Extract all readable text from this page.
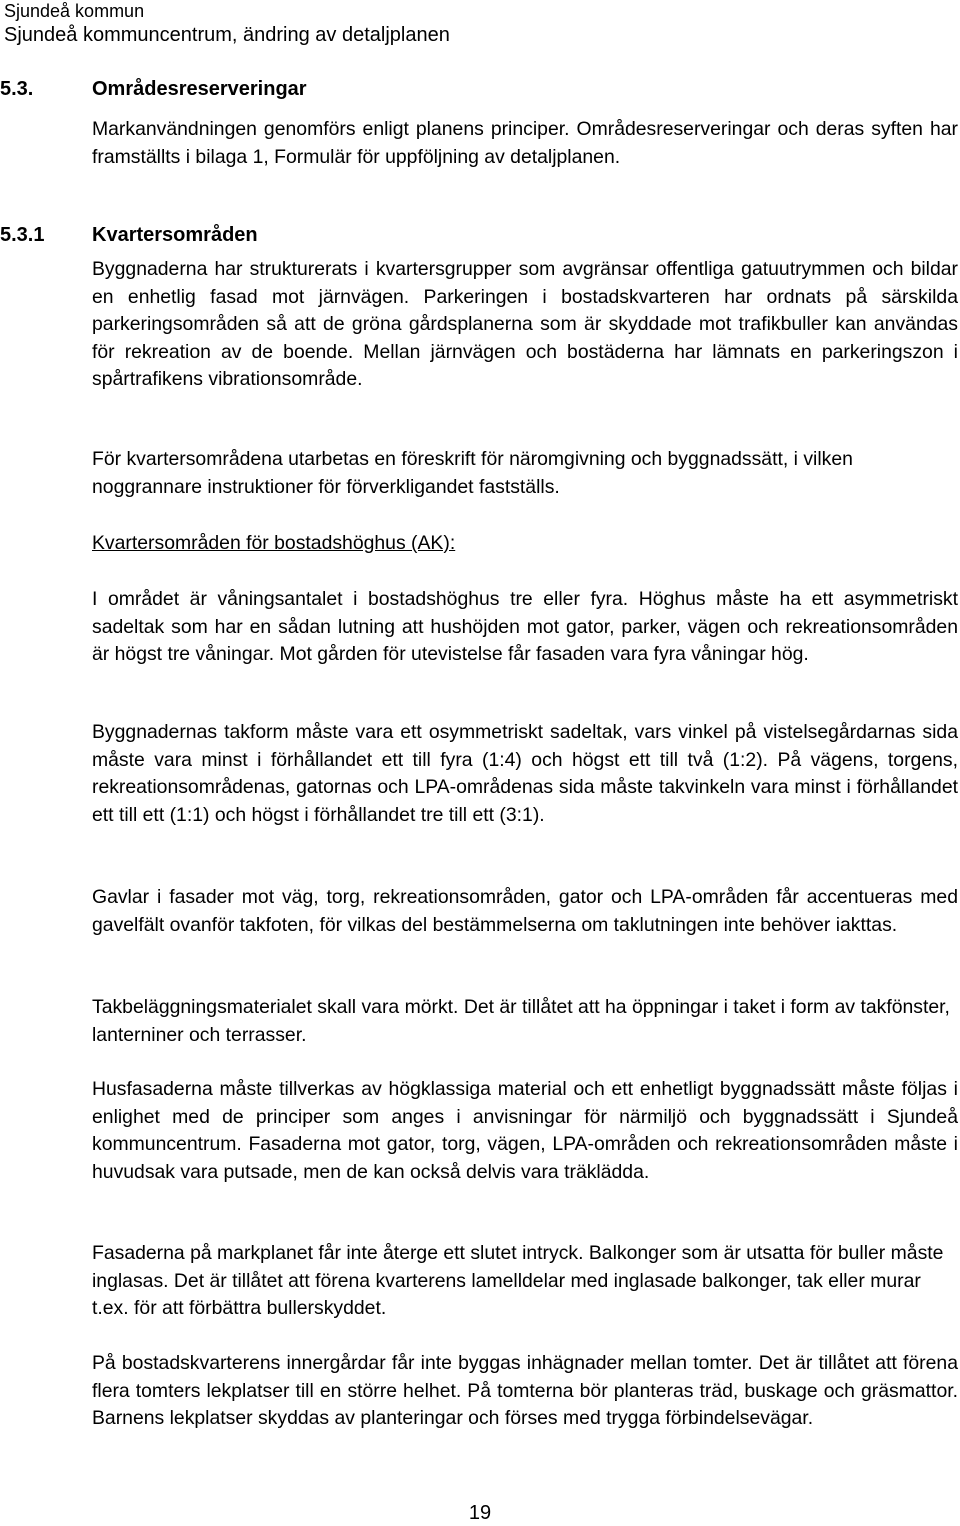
Sjundeå kommun
Sjundeå kommuncentrum, ändring av detaljplanen
5.3.	Områdesreserveringar
Markanvändningen genomförs enligt planens principer. Områdesreserveringar och deras syften har framställts i bilaga 1, Formulär för uppföljning av detaljplanen.
5.3.1 Kvartersområden
Byggnaderna har strukturerats i kvartersgrupper som avgränsar offentliga gatuutrymmen och bildar en enhetlig fasad mot järnvägen. Parkeringen i bostadskvarteren har ordnats på särskilda parkeringsområden så att de gröna gårdsplanerna som är skyddade mot trafikbuller kan användas för rekreation av de boende. Mellan järnvägen och bostäderna har lämnats en parkeringszon i spårtrafikens vibrationsområde.
För kvartersområdena utarbetas en föreskrift för näromgivning och byggnadssätt, i vilken noggrannare instruktioner för förverkligandet fastställs.
Kvartersområden för bostadshöghus (AK):
I området är våningsantalet i bostadshöghus tre eller fyra. Höghus måste ha ett asymmetriskt sadeltak som har en sådan lutning att hushöjden mot gator, parker, vägen och rekreationsområden är högst tre våningar. Mot gården för utevistelse får fasaden vara fyra våningar hög.
Byggnadernas takform måste vara ett osymmetriskt sadeltak, vars vinkel på vistelsegårdarnas sida måste vara minst i förhållandet ett till fyra (1:4) och högst ett till två (1:2). På vägens, torgens, rekreationsområdenas, gatornas och LPA-områdenas sida måste takvinkeln vara minst i förhållandet ett till ett (1:1) och högst i förhållandet tre till ett (3:1).
Gavlar i fasader mot väg, torg, rekreationsområden, gator och LPA-områden får accentueras med gavelfält ovanför takfoten, för vilkas del bestämmelserna om taklutningen inte behöver iakttas.
Takbeläggningsmaterialet skall vara mörkt. Det är tillåtet att ha öppningar i taket i form av takfönster, lanterniner och terrasser.
Husfasaderna måste tillverkas av högklassiga material och ett enhetligt byggnadssätt måste följas i enlighet med de principer som anges i anvisningar för närmiljö och byggnadssätt i Sjundeå kommuncentrum. Fasaderna mot gator, torg, vägen, LPA-områden och rekreationsområden måste i huvudsak vara putsade, men de kan också delvis vara träklädda.
Fasaderna på markplanet får inte återge ett slutet intryck. Balkonger som är utsatta för buller måste inglasas. Det är tillåtet att förena kvarterens lamelldelar med inglasade balkonger, tak eller murar t.ex. för att förbättra bullerskyddet.
På bostadskvarterens innergårdar får inte byggas inhägnader mellan tomter. Det är tillåtet att förena flera tomters lekplatser till en större helhet. På tomterna bör planteras träd, buskage och gräsmattor. Barnens lekplatser skyddas av planteringar och förses med trygga förbindelsevägar.
19
